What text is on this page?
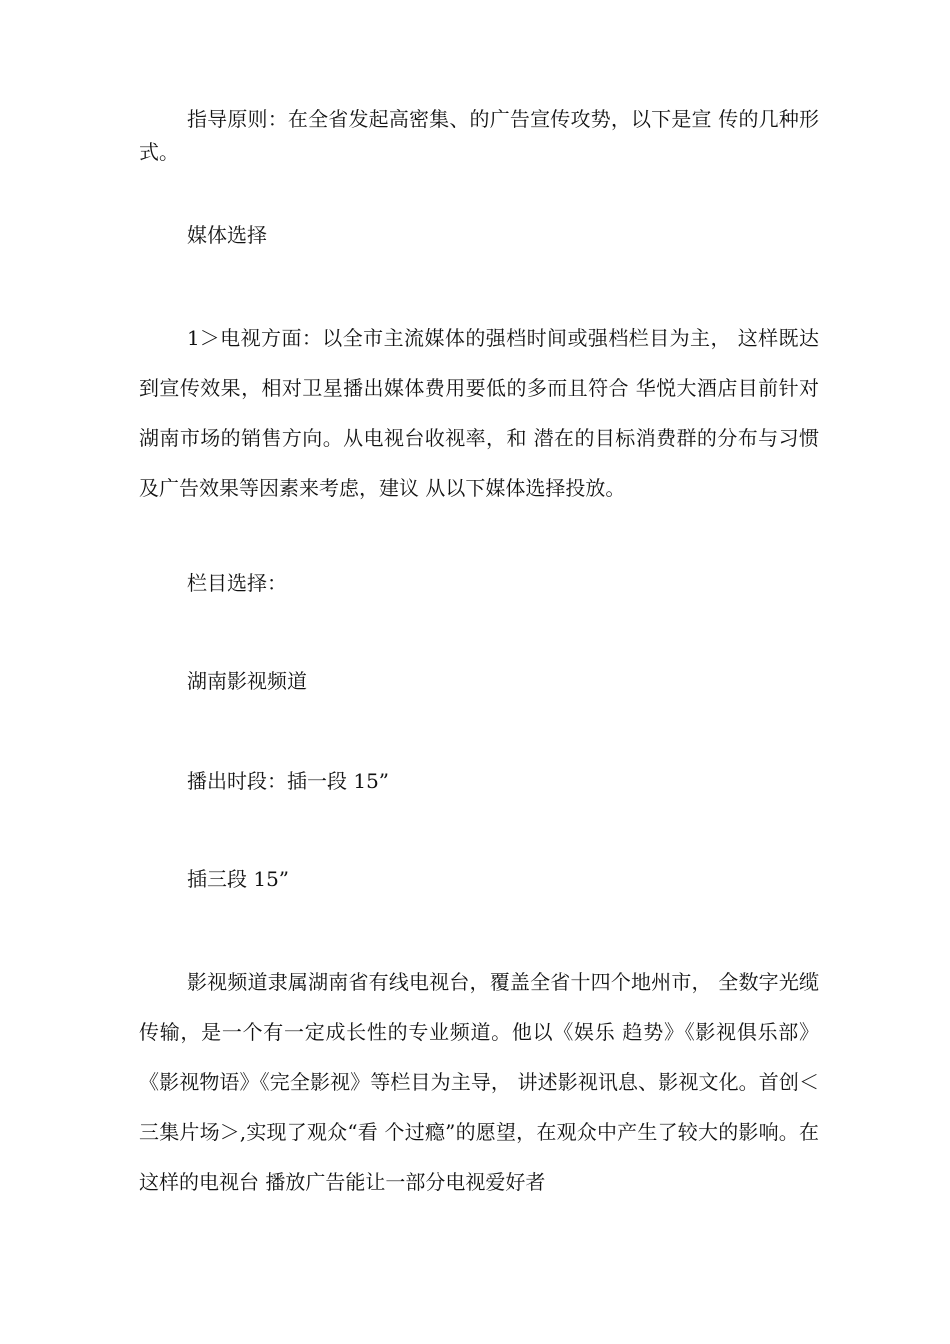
指导原则：在全省发起高密集、的广告宣传攻势，以下是宣 传的几种形式。

媒体选择

1＞电视方面：以全市主流媒体的强档时间或强档栏目为主， 这样既达到宣传效果，相对卫星播出媒体费用要低的多而且符合 华悦大酒店目前针对湖南市场的销售方向。从电视台收视率，和 潜在的目标消费群的分布与习惯及广告效果等因素来考虑，建议 从以下媒体选择投放。

栏目选择：

湖南影视频道

播出时段：插一段 15”

插三段 15”

影视频道隶属湖南省有线电视台，覆盖全省十四个地州市， 全数字光缆传输，是一个有一定成长性的专业频道。他以《娱乐 趋势》《影视俱乐部》《影视物语》《完全影视》等栏目为主导， 讲述影视讯息、影视文化。首创＜三集片场＞,实现了观众“看 个过瘾”的愿望，在观众中产生了较大的影响。在这样的电视台 播放广告能让一部分电视爱好者
